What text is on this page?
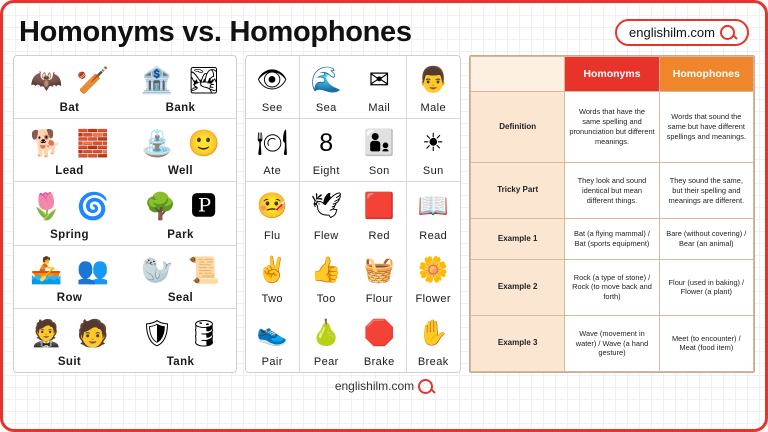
Homonyms vs. Homophones	englishilm.com
🦇 🏏
Bat
🏦 🏞
Bank
🐕 🧱
Lead
⛲ 🙂
Well
🌷 🌀
Spring
🌳 🅿
Park
🚣 👥
Row
🦭 📜
Seal
🤵 🧑
Suit
🛡 🛢
Tank
👁
See
🌊
Sea
✉
Mail
👨
Male
🍽
Ate
8
Eight
👨‍👦
Son
☀
Sun
🤒
Flu
🕊
Flew
🟥
Red
📖
Read
✌
Two
👍
Too
🧺
Flour
🌼
Flower
👟
Pair
🍐
Pear
🛑
Brake
✋
Break
	Homonyms	Homophones
Definition	Words that have the same spelling and pronunciation but different meanings.	Words that sound the same but have different spellings and meanings.
Tricky Part	They look and sound identical but mean different things.	They sound the same, but their spelling and meanings are different.
Example 1	Bat (a flying mammal) / Bat (sports equipment)	Bare (without covering) / Bear (an animal)
Example 2	Rock (a type of stone) / Rock (to move back and forth)	Flour (used in baking) / Flower (a plant)
Example 3	Wave (movement in water) / Wave (a hand gesture)	Meet (to encounter) / Meat (food item)
englishilm.com
